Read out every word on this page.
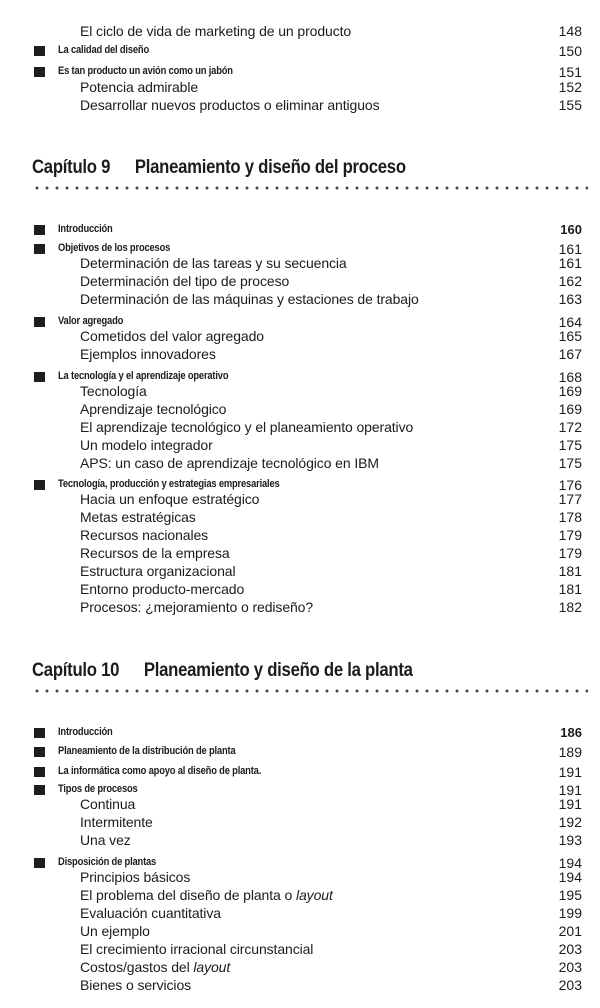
El ciclo de vida de marketing de un producto	148
La calidad del diseño	150
Es tan producto un avión como un jabón	151
Potencia admirable	152
Desarrollar nuevos productos o eliminar antiguos	155
Capítulo 9 Planeamiento y diseño del proceso
Introducción	160
Objetivos de los procesos	161
Determinación de las tareas y su secuencia	161
Determinación del tipo de proceso	162
Determinación de las máquinas y estaciones de trabajo	163
Valor agregado	164
Cometidos del valor agregado	165
Ejemplos innovadores	167
La tecnología y el aprendizaje operativo	168
Tecnología	169
Aprendizaje tecnológico	169
El aprendizaje tecnológico y el planeamiento operativo	172
Un modelo integrador	175
APS: un caso de aprendizaje tecnológico en IBM	175
Tecnología, producción y estrategias empresariales	176
Hacia un enfoque estratégico	177
Metas estratégicas	178
Recursos nacionales	179
Recursos de la empresa	179
Estructura organizacional	181
Entorno producto-mercado	181
Procesos: ¿mejoramiento o rediseño?	182
Capítulo 10 Planeamiento y diseño de la planta
Introducción	186
Planeamiento de la distribución de planta	189
La informática como apoyo al diseño de planta.	191
Tipos de procesos	191
Continua	191
Intermitente	192
Una vez	193
Disposición de plantas	194
Principios básicos	194
El problema del diseño de planta o layout	195
Evaluación cuantitativa	199
Un ejemplo	201
El crecimiento irracional circunstancial	203
Costos/gastos del layout	203
Bienes o servicios	203
